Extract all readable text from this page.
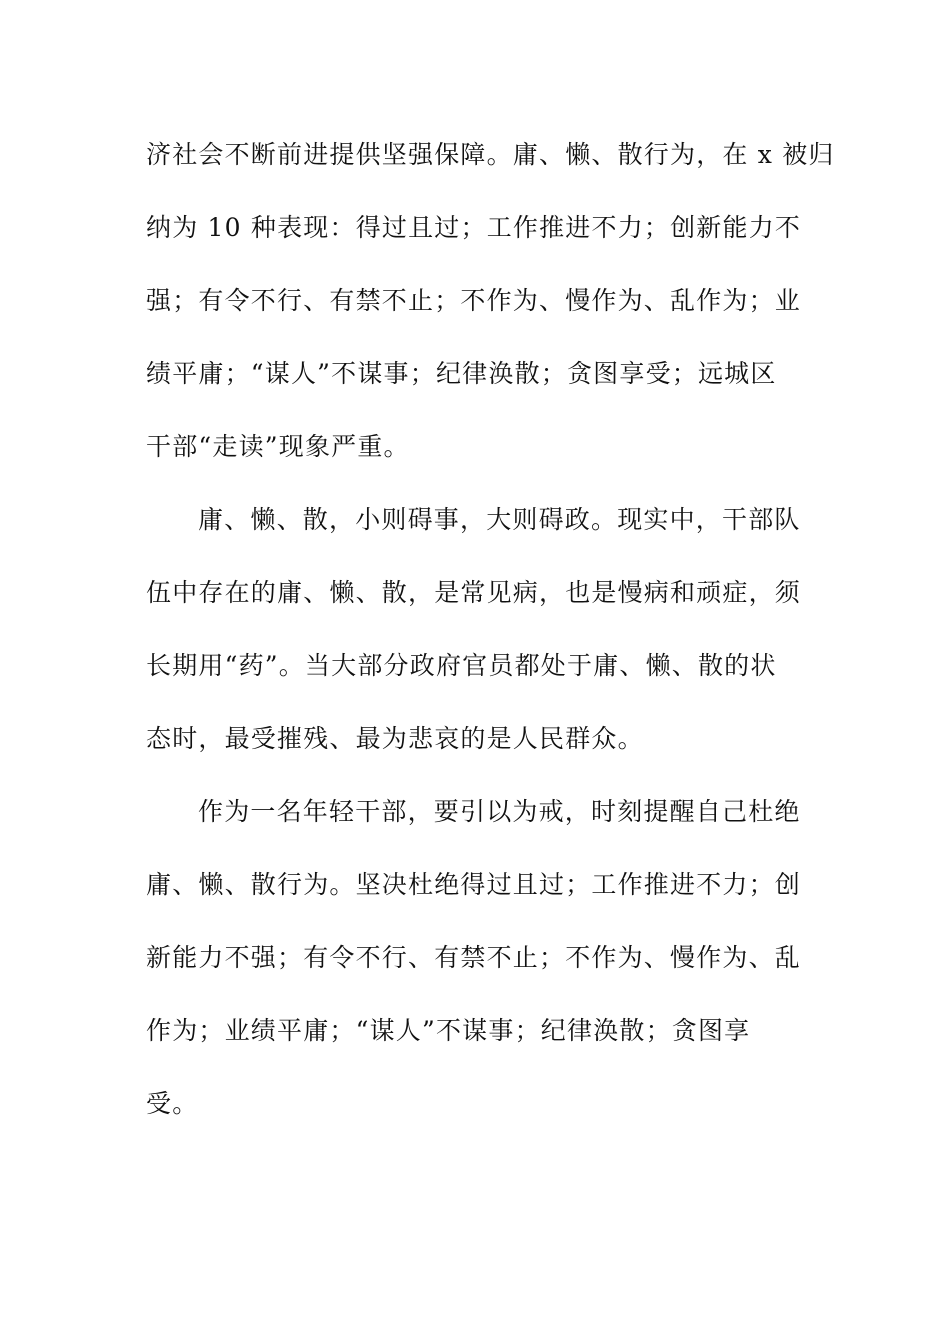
济社会不断前进提供坚强保障。庸、懒、散行为，在 x 被归
纳为 10 种表现：得过且过；工作推进不力；创新能力不
强；有令不行、有禁不止；不作为、慢作为、乱作为；业
绩平庸；“谋人”不谋事；纪律涣散；贪图享受；远城区
干部“走读”现象严重。
庸、懒、散，小则碍事，大则碍政。现实中，干部队
伍中存在的庸、懒、散，是常见病，也是慢病和顽症，须
长期用“药”。当大部分政府官员都处于庸、懒、散的状
态时，最受摧残、最为悲哀的是人民群众。
作为一名年轻干部，要引以为戒，时刻提醒自己杜绝
庸、懒、散行为。坚决杜绝得过且过；工作推进不力；创
新能力不强；有令不行、有禁不止；不作为、慢作为、乱
作为；业绩平庸；“谋人”不谋事；纪律涣散；贪图享
受。
